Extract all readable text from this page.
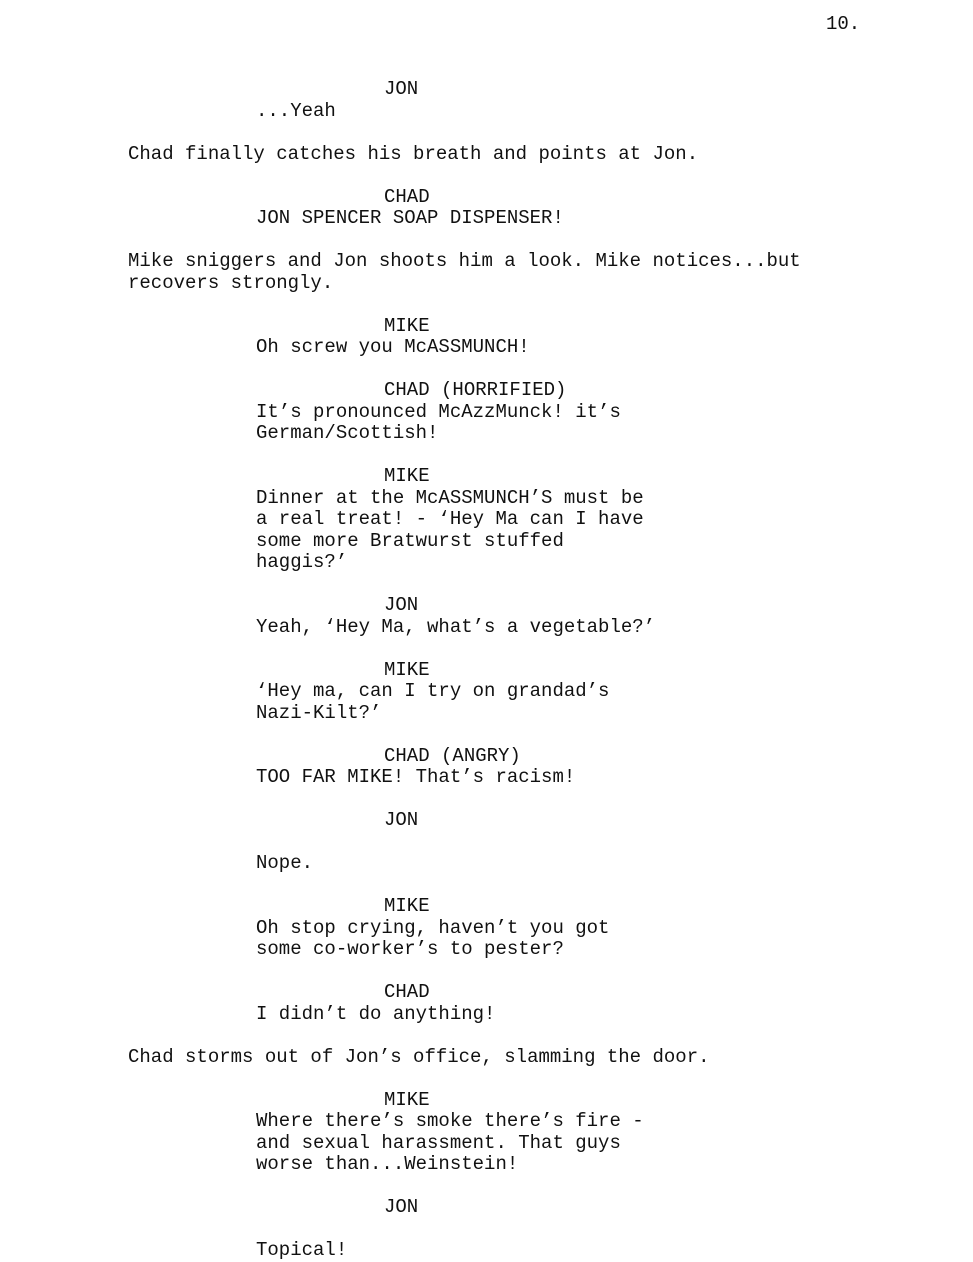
10.
JON
...Yeah
Chad finally catches his breath and points at Jon.
CHAD
JON SPENCER SOAP DISPENSER!
Mike sniggers and Jon shoots him a look. Mike notices...but
recovers strongly.
MIKE
Oh screw you McASSMUNCH!
CHAD (HORRIFIED)
It’s pronounced McAzzMunck! it’s
German/Scottish!
MIKE
Dinner at the McASSMUNCH’S must be
a real treat! - ‘Hey Ma can I have
some more Bratwurst stuffed
haggis?’
JON
Yeah, ‘Hey Ma, what’s a vegetable?’
MIKE
‘Hey ma, can I try on grandad’s
Nazi-Kilt?’
CHAD (ANGRY)
TOO FAR MIKE! That’s racism!
JON

Nope.
MIKE
Oh stop crying, haven’t you got
some co-worker’s to pester?
CHAD
I didn’t do anything!
Chad storms out of Jon’s office, slamming the door.
MIKE
Where there’s smoke there’s fire -
and sexual harassment. That guys
worse than...Weinstein!
JON

Topical!
